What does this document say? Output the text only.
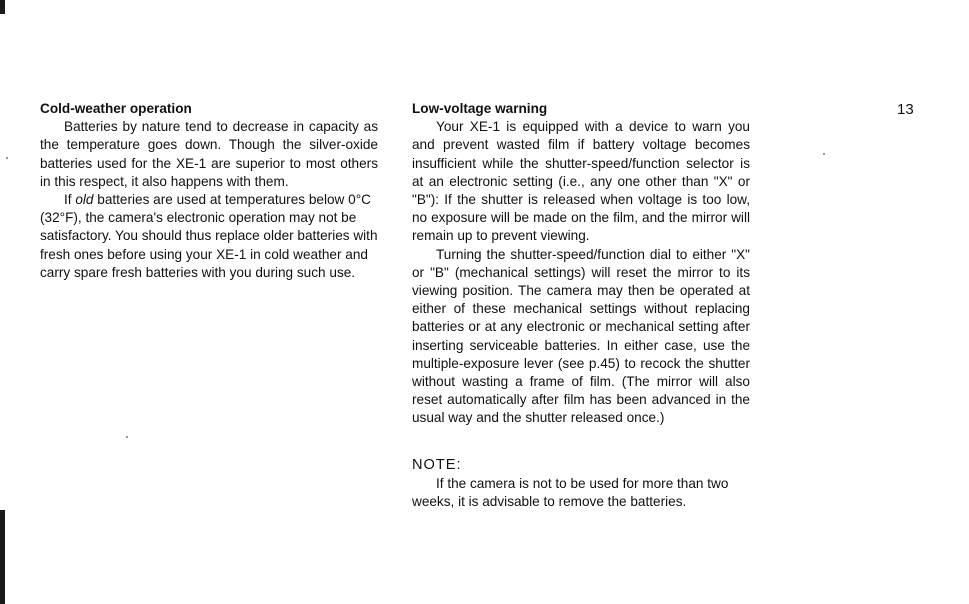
13
Cold-weather operation

Batteries by nature tend to decrease in capacity as the temperature goes down. Though the silver-oxide batteries used for the XE-1 are superior to most others in this respect, it also happens with them.

If old batteries are used at temperatures below 0°C (32°F), the camera's electronic operation may not be satisfactory. You should thus replace older batteries with fresh ones before using your XE-1 in cold weather and carry spare fresh batteries with you during such use.

Low-voltage warning

Your XE-1 is equipped with a device to warn you and prevent wasted film if battery voltage becomes insufficient while the shutter-speed/function selector is at an electronic setting (i.e., any one other than "X" or "B"): If the shutter is released when voltage is too low, no exposure will be made on the film, and the mirror will remain up to prevent viewing.

Turning the shutter-speed/function dial to either "X" or "B" (mechanical settings) will reset the mirror to its viewing position. The camera may then be operated at either of these mechanical settings without replacing batteries or at any electronic or mechanical setting after inserting serviceable batteries. In either case, use the multiple-exposure lever (see p.45) to recock the shutter without wasting a frame of film. (The mirror will also reset automatically after film has been advanced in the usual way and the shutter released once.)

NOTE:

If the camera is not to be used for more than two weeks, it is advisable to remove the batteries.
